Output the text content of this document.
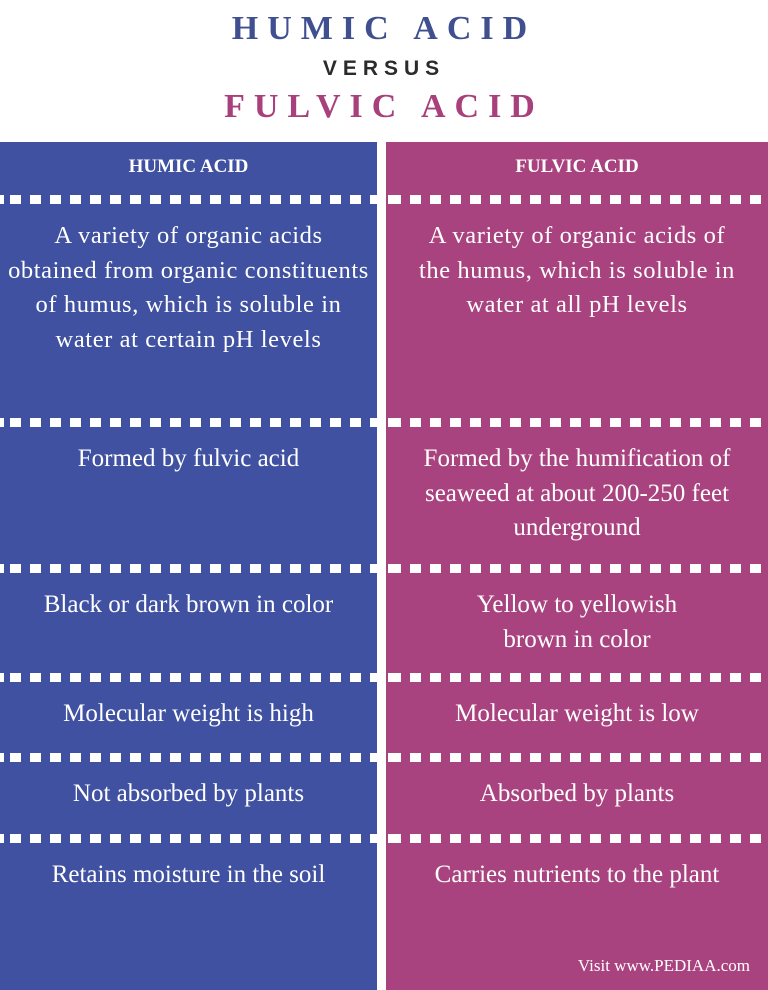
HUMIC ACID
VERSUS
FULVIC ACID
HUMIC ACID
A variety of organic acids obtained from organic constituents of humus, which is soluble in water at certain pH levels
Formed by fulvic acid
Black or dark brown in color
Molecular weight is high
Not absorbed by plants
Retains moisture in the soil
FULVIC ACID
A variety of organic acids of the humus, which is soluble in water at all pH levels
Formed by the humification of seaweed at about 200-250 feet underground
Yellow to yellowish brown in color
Molecular weight is low
Absorbed by plants
Carries nutrients to the plant
Visit www.PEDIAA.com
